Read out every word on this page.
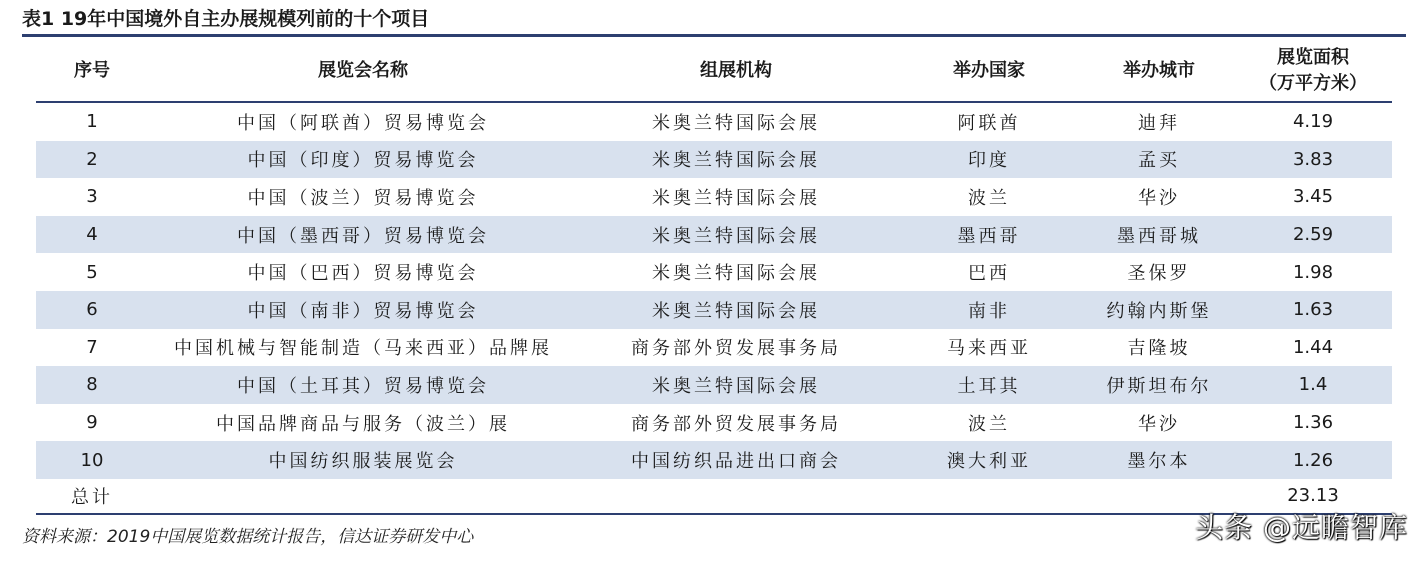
表1 19年中国境外自主办展规模列前的十个项目
序号	展览会名称	组展机构	举办国家	举办城市	展览面积
（万平方米）

1	中国（阿联酋）贸易博览会	米奥兰特国际会展	阿联酋	迪拜	4.19
2	中国（印度）贸易博览会	米奥兰特国际会展	印度	孟买	3.83
3	中国（波兰）贸易博览会	米奥兰特国际会展	波兰	华沙	3.45
4	中国（墨西哥）贸易博览会	米奥兰特国际会展	墨西哥	墨西哥城	2.59
5	中国（巴西）贸易博览会	米奥兰特国际会展	巴西	圣保罗	1.98
6	中国（南非）贸易博览会	米奥兰特国际会展	南非	约翰内斯堡	1.63
7	中国机械与智能制造（马来西亚）品牌展	商务部外贸发展事务局	马来西亚	吉隆坡	1.44
8	中国（土耳其）贸易博览会	米奥兰特国际会展	土耳其	伊斯坦布尔	1.4
9	中国品牌商品与服务（波兰）展	商务部外贸发展事务局	波兰	华沙	1.36
10	中国纺织服装展览会	中国纺织品进出口商会	澳大利亚	墨尔本	1.26
总计					23.13
资料来源：2019中国展览数据统计报告，信达证券研发中心	头条 @远瞻智库
